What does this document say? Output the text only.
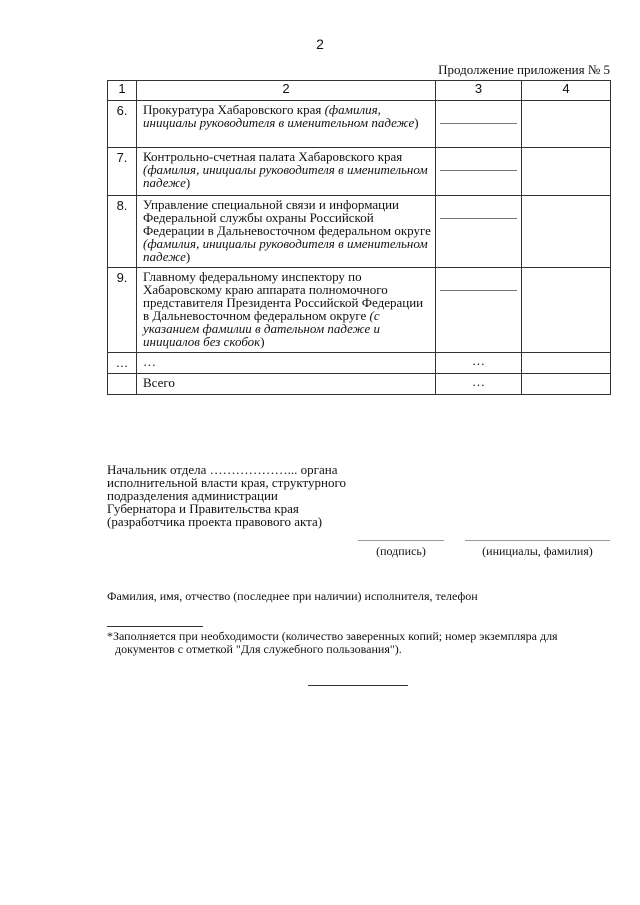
2
Продолжение приложения № 5
1	2	3	4
6.	Прокуратура Хабаровского края (фамилия, инициалы руководителя в именительном падеже)	

7.	Контрольно-счетная палата Хабаровского края (фамилия, инициалы руководителя в именительном падеже)	

8.	Управление специальной связи и информации Федеральной службы охраны Российской Федерации в Дальневосточном федеральном округе (фамилия, инициалы руководителя в именительном падеже)	

9.	Главному федеральному инспектору по Хабаровскому краю аппарата полномочного представителя Президента Российской Федерации в Дальневосточном федеральном округе (с указанием фамилии в дательном падеже и инициалов без скобок)	

…	…	…	
	Всего	…	
Начальник отдела ………………... органа исполнительной власти края, структурного подразделения администрации Губернатора и Правительства края (разработчика проекта правового акта)
(подпись)	(инициалы, фамилия)
Фамилия, имя, отчество (последнее при наличии) исполнителя, телефон
*Заполняется при необходимости (количество заверенных копий; номер экземпляра для
документов с отметкой "Для служебного пользования").
